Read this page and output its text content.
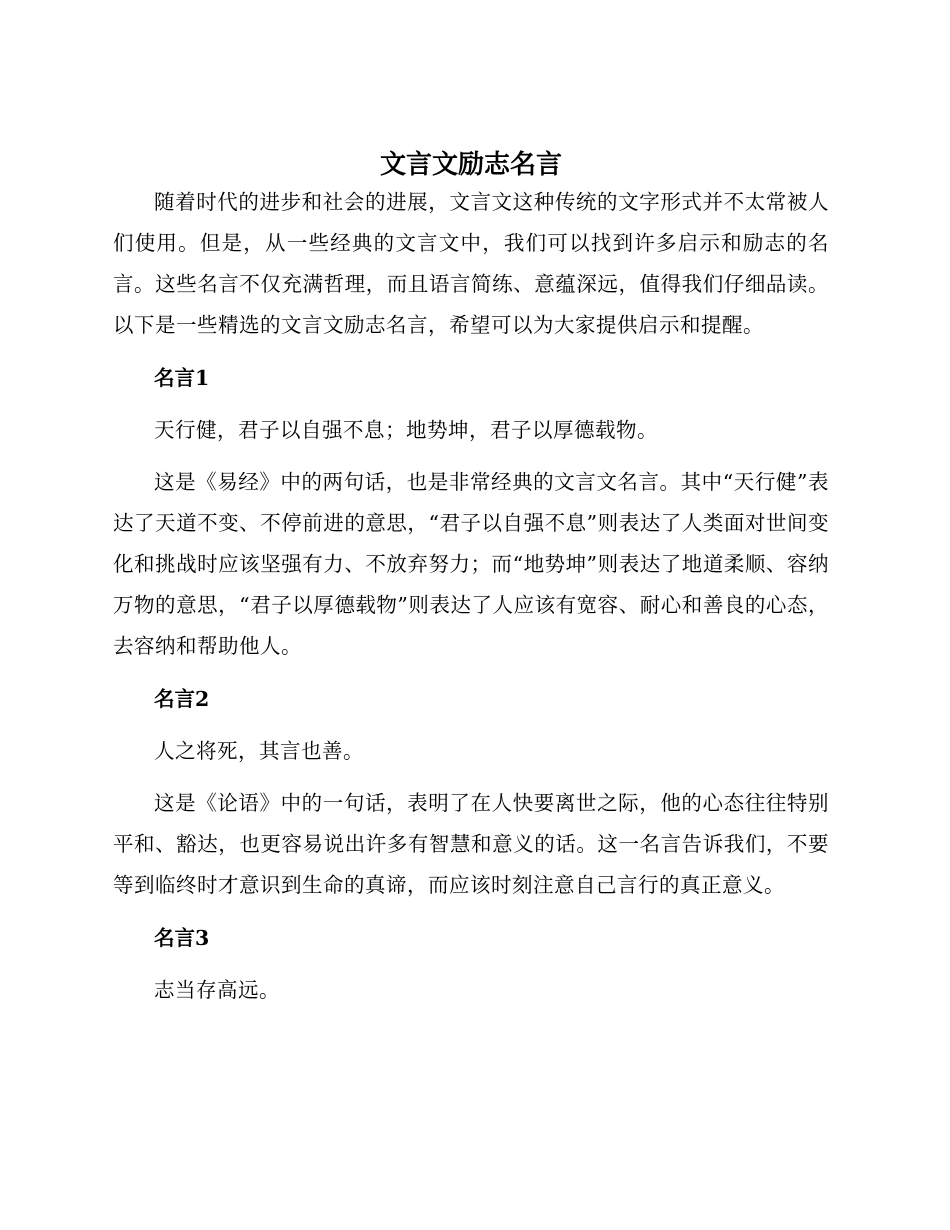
文言文励志名言

随着时代的进步和社会的进展，文言文这种传统的文字形式并不太常被人们使用。但是，从一些经典的文言文中，我们可以找到许多启示和励志的名言。这些名言不仅充满哲理，而且语言简练、意蕴深远，值得我们仔细品读。以下是一些精选的文言文励志名言，希望可以为大家提供启示和提醒。

名言1

天行健，君子以自强不息；地势坤，君子以厚德载物。

这是《易经》中的两句话，也是非常经典的文言文名言。其中“天行健”表达了天道不变、不停前进的意思，“君子以自强不息”则表达了人类面对世间变化和挑战时应该坚强有力、不放弃努力；而“地势坤”则表达了地道柔顺、容纳万物的意思，“君子以厚德载物”则表达了人应该有宽容、耐心和善良的心态，去容纳和帮助他人。

名言2

人之将死，其言也善。

这是《论语》中的一句话，表明了在人快要离世之际，他的心态往往特别平和、豁达，也更容易说出许多有智慧和意义的话。这一名言告诉我们，不要等到临终时才意识到生命的真谛，而应该时刻注意自己言行的真正意义。

名言3

志当存高远。
